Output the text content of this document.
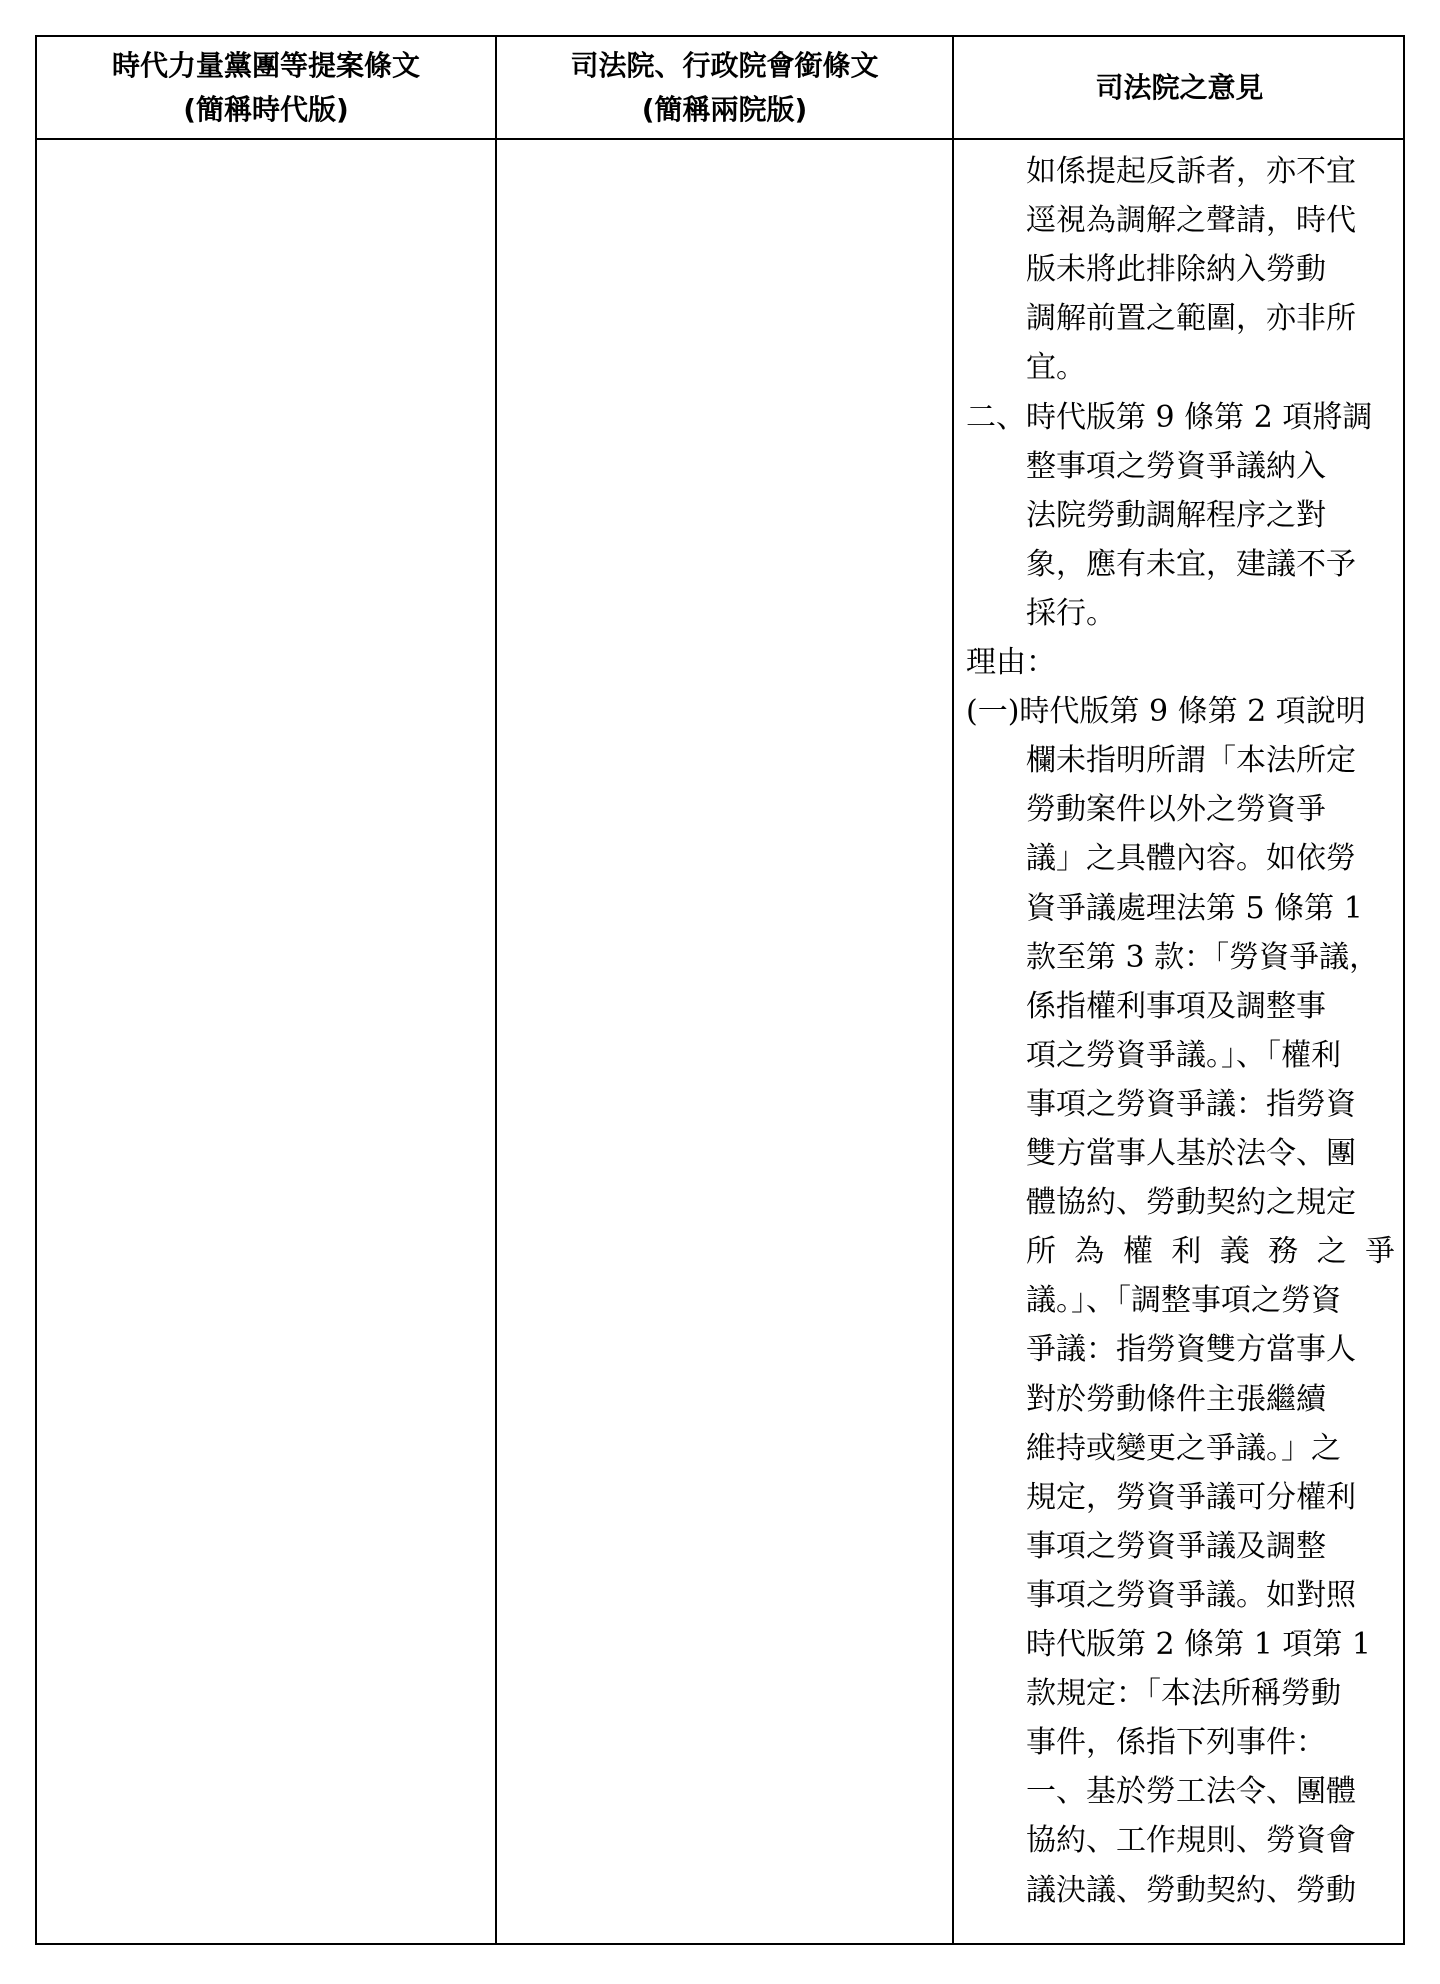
時代力量黨團等提案條文
(簡稱時代版)
司法院、行政院會銜條文
(簡稱兩院版)
司法院之意見
如係提起反訴者，亦不宜
逕視為調解之聲請，時代
版未將此排除納入勞動
調解前置之範圍，亦非所
宜。
二、時代版第 9 條第 2 項將調
整事項之勞資爭議納入
法院勞動調解程序之對
象，應有未宜，建議不予
採行。
理由：
(一)時代版第 9 條第 2 項說明
欄未指明所謂「本法所定
勞動案件以外之勞資爭
議」之具體內容。如依勞
資爭議處理法第 5 條第 1
款至第 3 款：「勞資爭議，
係指權利事項及調整事
項之勞資爭議。」、「權利
事項之勞資爭議：指勞資
雙方當事人基於法令、團
體協約、勞動契約之規定
所為權利義務之爭
議。」、「調整事項之勞資
爭議：指勞資雙方當事人
對於勞動條件主張繼續
維持或變更之爭議。」之
規定，勞資爭議可分權利
事項之勞資爭議及調整
事項之勞資爭議。如對照
時代版第 2 條第 1 項第 1
款規定：「本法所稱勞動
事件，係指下列事件：
一、基於勞工法令、團體
協約、工作規則、勞資會
議決議、勞動契約、勞動
